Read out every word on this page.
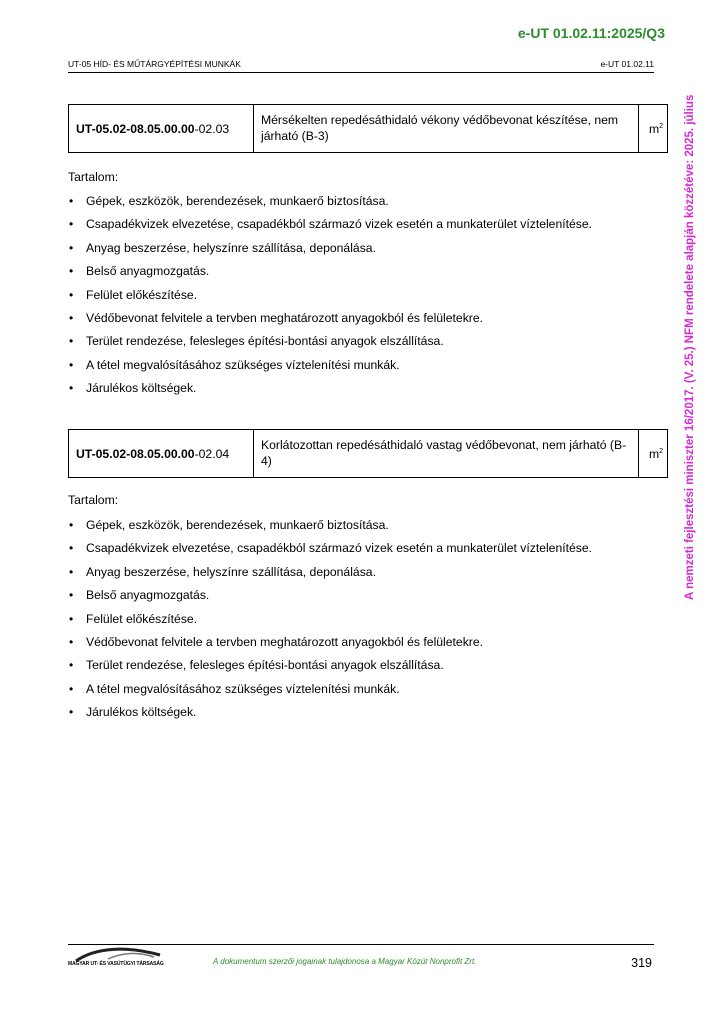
e-UT 01.02.11:2025/Q3
UT-05 HÍD- ÉS MŰTÁRGYÉPÍTÉSI MUNKÁK	e-UT 01.02.11
A nemzeti fejlesztési miniszter 16/2017. (V. 25.) NFM rendelete alapján közzétéve: 2025. július
UT-05.02-08.05.00.00-02.03	Mérsékelten repedésáthidaló vékony védőbevonat készítése, nem járható (B-3)	$m^2$
Tartalom:
• Gépek, eszközök, berendezések, munkaerő biztosítása.
• Csapadékvizek elvezetése, csapadékból származó vizek esetén a munkaterület víztelenítése.
• Anyag beszerzése, helyszínre szállítása, deponálása.
• Belső anyagmozgatás.
• Felület előkészítése.
• Védőbevonat felvitele a tervben meghatározott anyagokból és felületekre.
• Terület rendezése, felesleges építési-bontási anyagok elszállítása.
• A tétel megvalósításához szükséges víztelenítési munkák.
• Járulékos költségek.
UT-05.02-08.05.00.00-02.04	Korlátozottan repedésáthidaló vastag védőbevonat, nem járható (B-4)	$m^2$
Tartalom:
• Gépek, eszközök, berendezések, munkaerő biztosítása.
• Csapadékvizek elvezetése, csapadékból származó vizek esetén a munkaterület víztelenítése.
• Anyag beszerzése, helyszínre szállítása, deponálása.
• Belső anyagmozgatás.
• Felület előkészítése.
• Védőbevonat felvitele a tervben meghatározott anyagokból és felületekre.
• Terület rendezése, felesleges építési-bontási anyagok elszállítása.
• A tétel megvalósításához szükséges víztelenítési munkák.
• Járulékos költségek.
MAGYAR UT- ÉS VASÚTÜGYI TÁRSASÁG	A dokumentum szerzői jogainak tulajdonosa a Magyar Közút Nonprofit Zrt.	319
